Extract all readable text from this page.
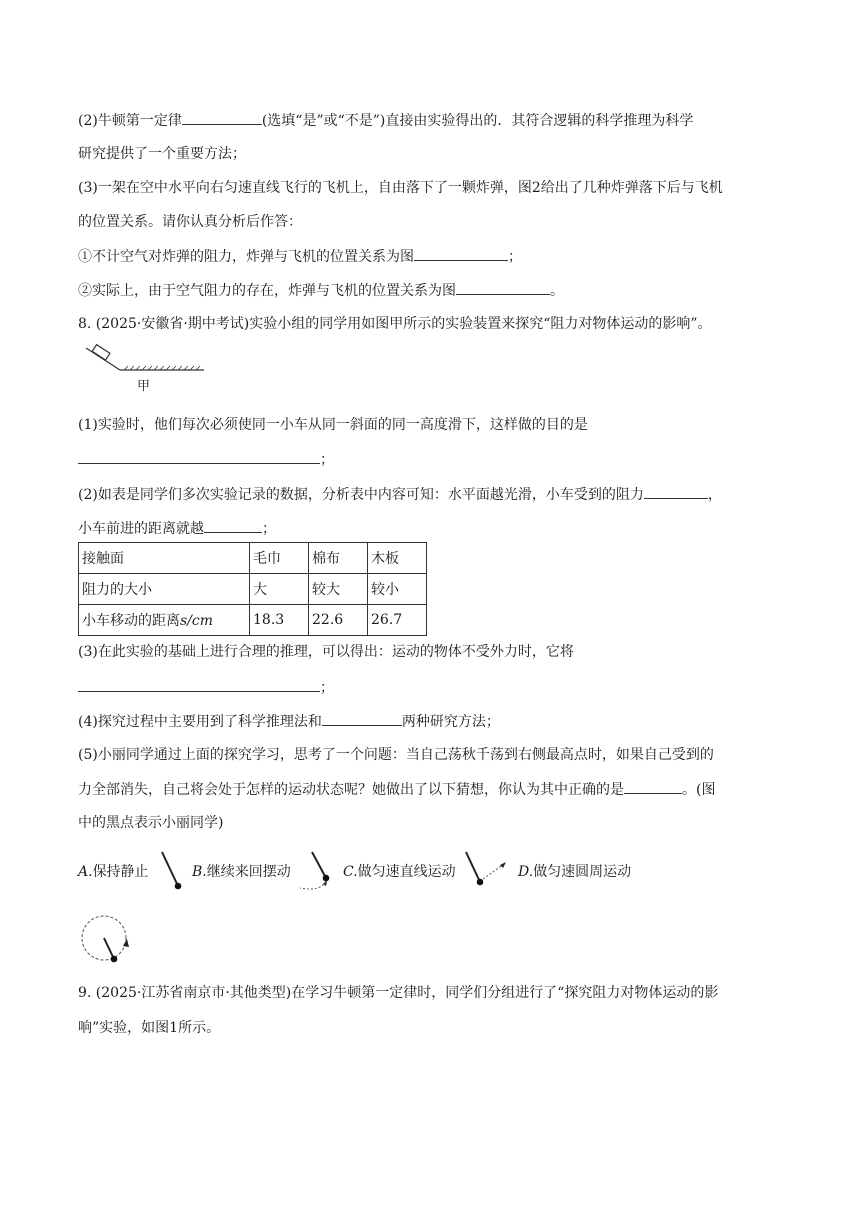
(2)牛顿第一定律	(选填“是”或“不是”)直接由实验得出的．其符合逻辑的科学推理为科学
研究提供了一个重要方法；
(3)一架在空中水平向右匀速直线飞行的飞机上，自由落下了一颗炸弹，图2给出了几种炸弹落下后与飞机
的位置关系。请你认真分析后作答：
①不计空气对炸弹的阻力，炸弹与飞机的位置关系为图	；
②实际上，由于空气阻力的存在，炸弹与飞机的位置关系为图	。
8. (2025·安徽省·期中考试)实验小组的同学用如图甲所示的实验装置来探究“阻力对物体运动的影响”。
甲
(1)实验时，他们每次必须使同一小车从同一斜面的同一高度滑下，这样做的目的是
；
(2)如表是同学们多次实验记录的数据，分析表中内容可知：水平面越光滑，小车受到的阻力	，
小车前进的距离就越	；
接触面	毛巾	棉布	木板
阻力的大小	大	较大	较小
小车移动的距离s/cm	18.3	22.6	26.7
(3)在此实验的基础上进行合理的推理，可以得出：运动的物体不受外力时，它将
；
(4)探究过程中主要用到了科学推理法和	两种研究方法；
(5)小丽同学通过上面的探究学习，思考了一个问题：当自己荡秋千荡到右侧最高点时，如果自己受到的
力全部消失，自己将会处于怎样的运动状态呢？她做出了以下猜想，你认为其中正确的是	。(图
中的黑点表示小丽同学)
A.保持静止	B.继续来回摆动	C.做匀速直线运动	D.做匀速圆周运动
9. (2025·江苏省南京市·其他类型)在学习牛顿第一定律时，同学们分组进行了“探究阻力对物体运动的影
响”实验，如图1所示。
